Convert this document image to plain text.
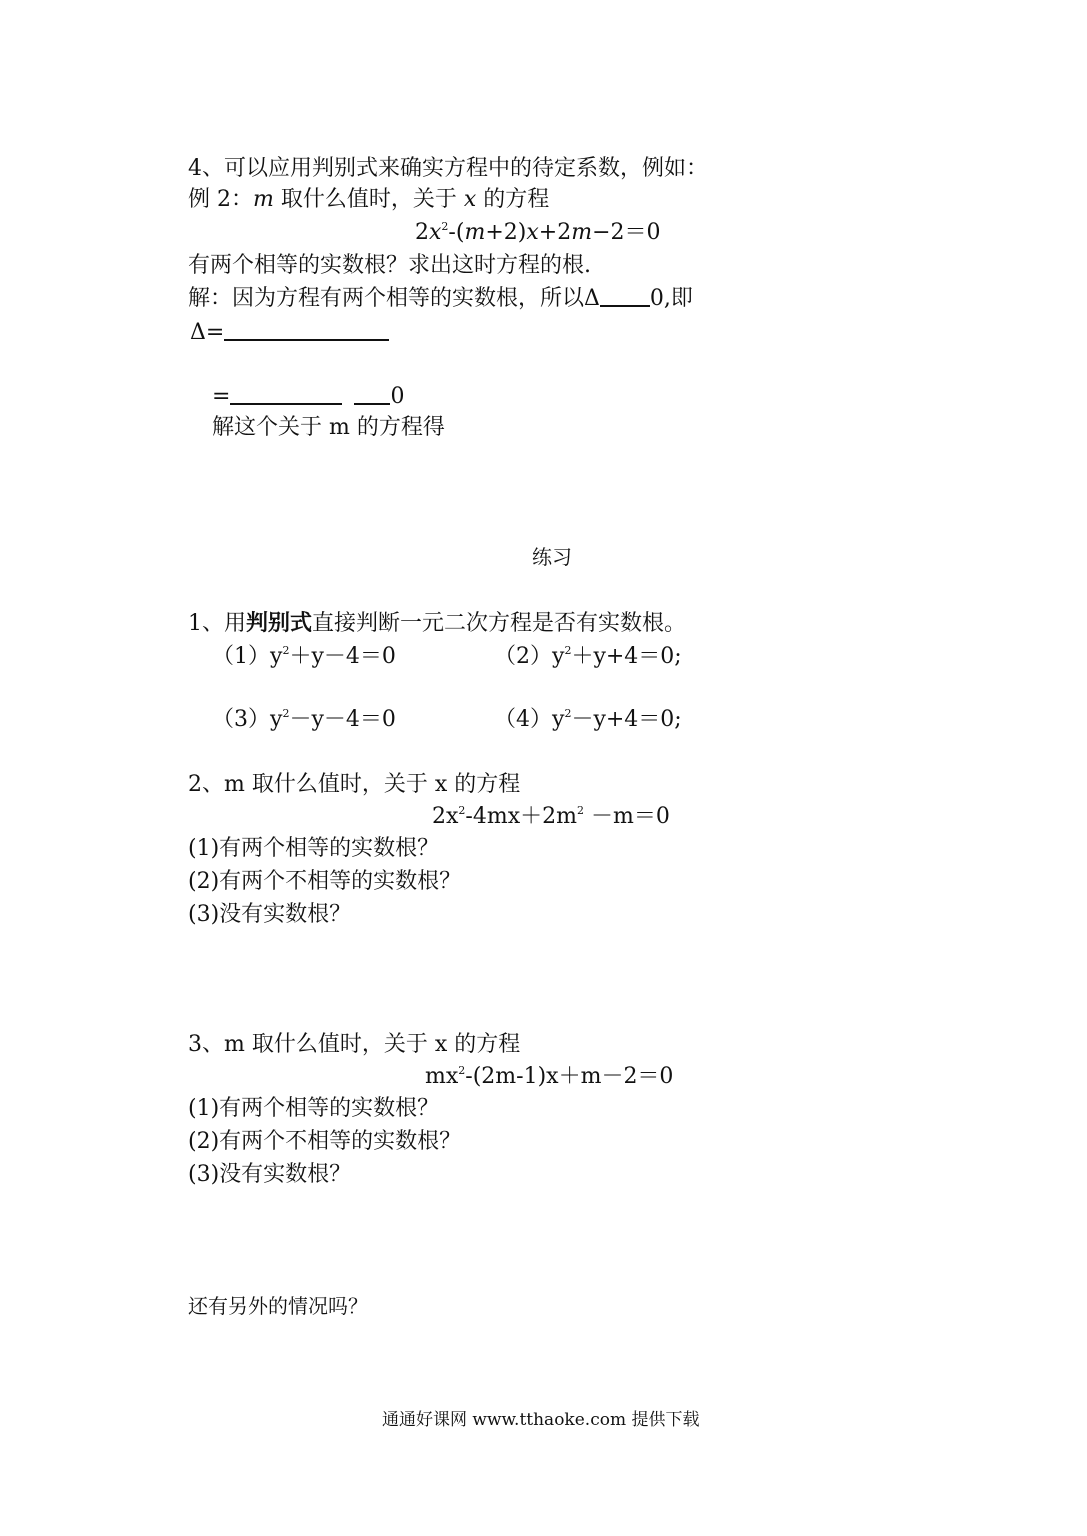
4、可以应用判别式来确实方程中的待定系数，例如：
例 2：m 取什么值时，关于 x 的方程
$2x^2-(m+2)x+2m-2=0$
有两个相等的实数根？求出这时方程的根.
解：因为方程有两个相等的实数根，所以Δ 0,即
Δ=
=	0
解这个关于 m 的方程得
练习
1、用判别式直接判断一元二次方程是否有实数根。
$(1)y^2+y-4=0$	$(2)y^2+y+4=0$;
$(3)y^2-y-4=0$	$(4)y^2-y+4=0$;
2、m 取什么值时，关于 x 的方程
$2x^2-4mx+2m^2 -m=0$
(1)有两个相等的实数根？
(2)有两个不相等的实数根？
(3)没有实数根？
3、m 取什么值时，关于 x 的方程
$mx^2-(2m-1)x+m-2=0$
(1)有两个相等的实数根？
(2)有两个不相等的实数根？
(3)没有实数根？
还有另外的情况吗？
通通好课网 www.tthaoke.com 提供下载
